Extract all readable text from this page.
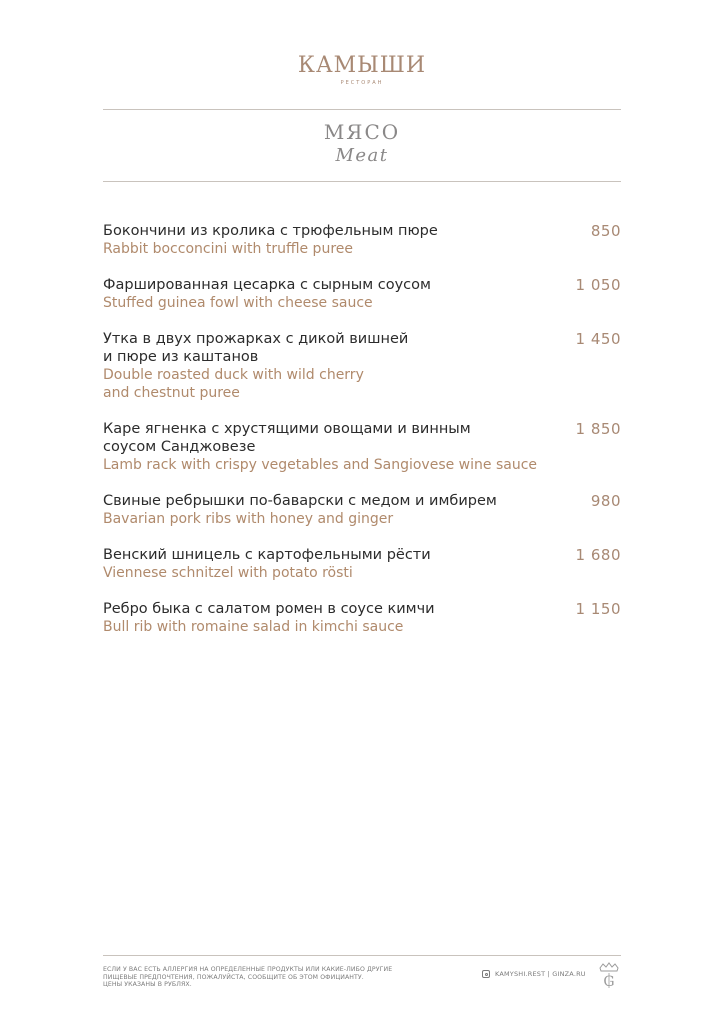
КАМЫШИ
РЕСТОРАН
МЯСО
Meat
Бокончини из кролика с трюфельным пюре
Rabbit bocconcini with truffle puree
850
Фаршированная цесарка с сырным соусом
Stuffed guinea fowl with cheese sauce
1 050
Утка в двух прожарках с дикой вишней
и пюре из каштанов
Double roasted duck with wild cherry
and chestnut puree
1 450
Каре ягненка с хрустящими овощами и винным
соусом Санджовезе
Lamb rack with crispy vegetables and Sangiovese wine sauce
1 850
Свиные ребрышки по-баварски с медом и имбирем
Bavarian pork ribs with honey and ginger
980
Венский шницель с картофельными рёсти
Viennese schnitzel with potato rösti
1 680
Ребро быка с салатом ромен в соусе кимчи
Bull rib with romaine salad in kimchi sauce
1 150
ЕСЛИ У ВАС ЕСТЬ АЛЛЕРГИЯ НА ОПРЕДЕЛЕННЫЕ ПРОДУКТЫ ИЛИ КАКИЕ-ЛИБО ДРУГИЕ
ПИЩЕВЫЕ ПРЕДПОЧТЕНИЯ, ПОЖАЛУЙСТА, СООБЩИТЕ ОБ ЭТОМ ОФИЦИАНТУ.
ЦЕНЫ УКАЗАНЫ В РУБЛЯХ.
KAMYSHI.REST | GINZA.RU G
